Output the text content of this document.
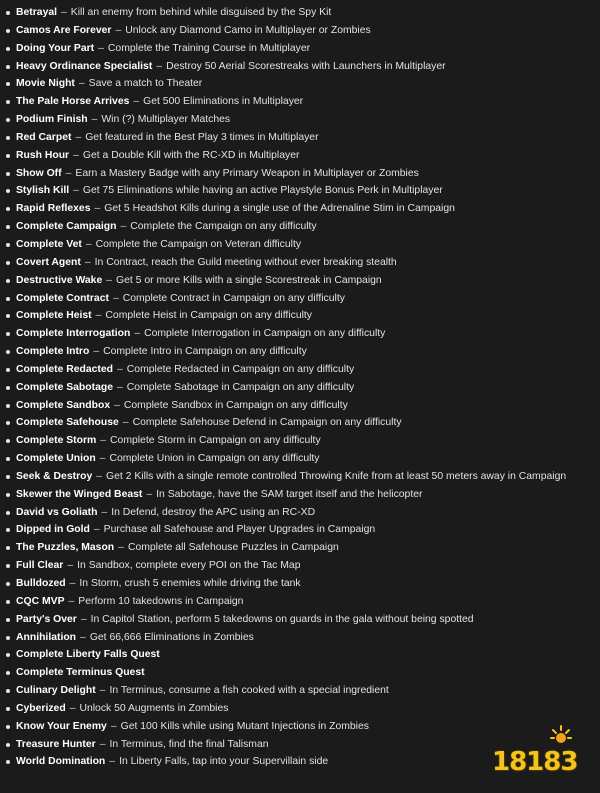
Betrayal – Kill an enemy from behind while disguised by the Spy Kit
Camos Are Forever – Unlock any Diamond Camo in Multiplayer or Zombies
Doing Your Part – Complete the Training Course in Multiplayer
Heavy Ordinance Specialist – Destroy 50 Aerial Scorestreaks with Launchers in Multiplayer
Movie Night – Save a match to Theater
The Pale Horse Arrives – Get 500 Eliminations in Multiplayer
Podium Finish – Win (?) Multiplayer Matches
Red Carpet – Get featured in the Best Play 3 times in Multiplayer
Rush Hour – Get a Double Kill with the RC-XD in Multiplayer
Show Off – Earn a Mastery Badge with any Primary Weapon in Multiplayer or Zombies
Stylish Kill – Get 75 Eliminations while having an active Playstyle Bonus Perk in Multiplayer
Rapid Reflexes – Get 5 Headshot Kills during a single use of the Adrenaline Stim in Campaign
Complete Campaign – Complete the Campaign on any difficulty
Complete Vet – Complete the Campaign on Veteran difficulty
Covert Agent – In Contract, reach the Guild meeting without ever breaking stealth
Destructive Wake – Get 5 or more Kills with a single Scorestreak in Campaign
Complete Contract – Complete Contract in Campaign on any difficulty
Complete Heist – Complete Heist in Campaign on any difficulty
Complete Interrogation – Complete Interrogation in Campaign on any difficulty
Complete Intro – Complete Intro in Campaign on any difficulty
Complete Redacted – Complete Redacted in Campaign on any difficulty
Complete Sabotage – Complete Sabotage in Campaign on any difficulty
Complete Sandbox – Complete Sandbox in Campaign on any difficulty
Complete Safehouse – Complete Safehouse Defend in Campaign on any difficulty
Complete Storm – Complete Storm in Campaign on any difficulty
Complete Union – Complete Union in Campaign on any difficulty
Seek & Destroy – Get 2 Kills with a single remote controlled Throwing Knife from at least 50 meters away in Campaign
Skewer the Winged Beast – In Sabotage, have the SAM target itself and the helicopter
David vs Goliath – In Defend, destroy the APC using an RC-XD
Dipped in Gold – Purchase all Safehouse and Player Upgrades in Campaign
The Puzzles, Mason – Complete all Safehouse Puzzles in Campaign
Full Clear – In Sandbox, complete every POI on the Tac Map
Bulldozed – In Storm, crush 5 enemies while driving the tank
CQC MVP – Perform 10 takedowns in Campaign
Party's Over – In Capitol Station, perform 5 takedowns on guards in the gala without being spotted
Annihilation – Get 66,666 Eliminations in Zombies
Complete Liberty Falls Quest
Complete Terminus Quest
Culinary Delight – In Terminus, consume a fish cooked with a special ingredient
Cyberized – Unlock 50 Augments in Zombies
Know Your Enemy – Get 100 Kills while using Mutant Injections in Zombies
Treasure Hunter – In Terminus, find the final Talisman
World Domination – In Liberty Falls, tap into your Supervillain side	18183
